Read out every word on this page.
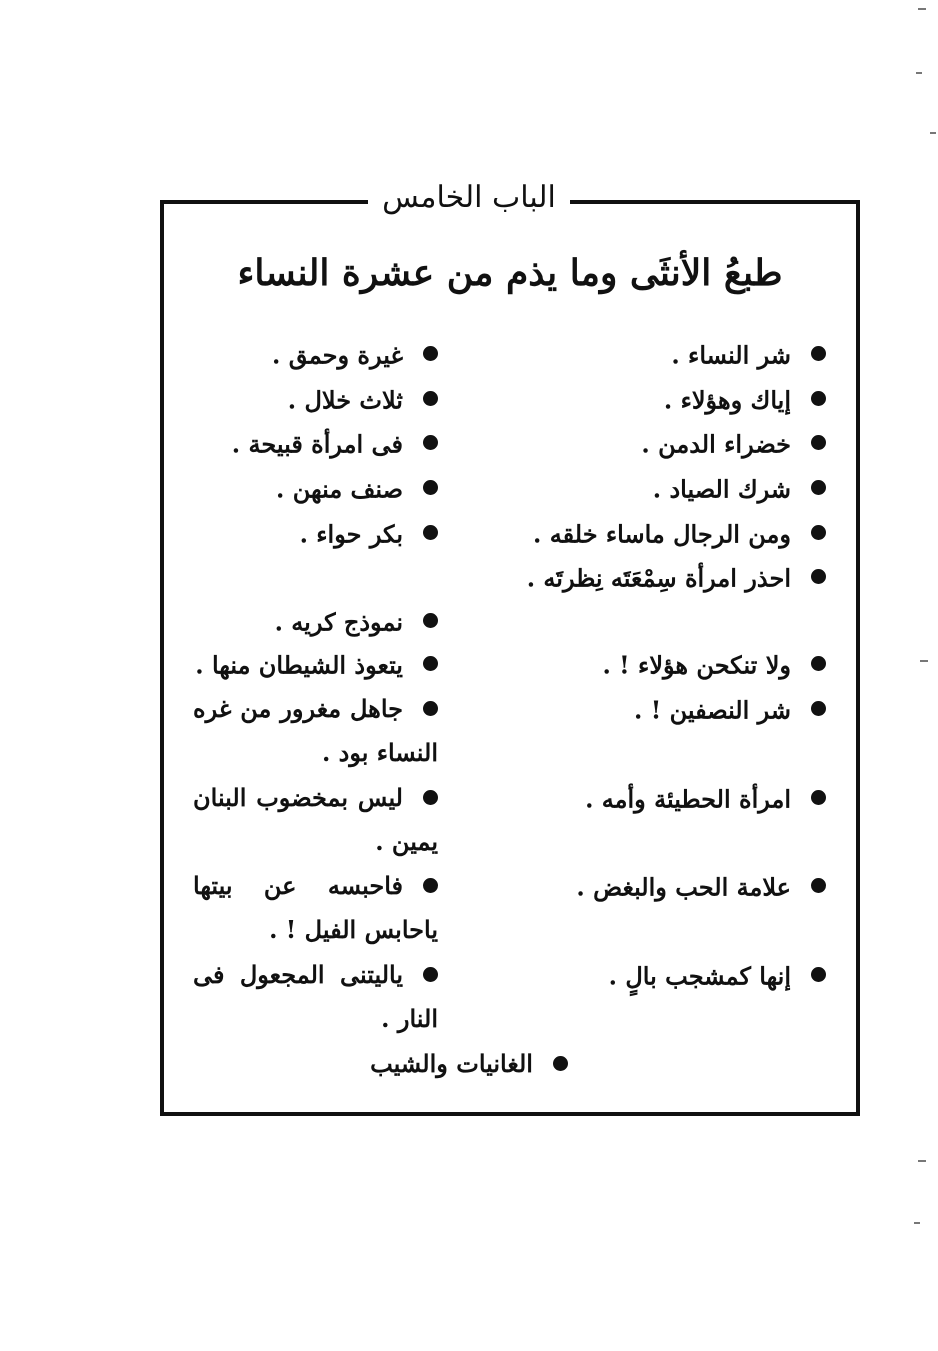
الباب الخامس
طبعُ الأنثَى وما يذم من عشرة النساء
شر النساء .
إياك وهؤلاء .
خضراء الدمن .
شرك الصياد .
ومن الرجال ماساء خلقه .
احذر امرأة سِمْعَتَه نِظرتَه .
ولا تنكحن هؤلاء ! .
شر النصفين ! .
امرأة الحطيئة وأمه .
علامة الحب والبغض .
إنها كمشجب بالٍ .
غيرة وحمق .
ثلاث خلال .
فى امرأة قبيحة .
صنف منهن .
بكر حواء .
نموذج كريه .
يتعوذ الشيطان منها .
جاهل مغرور من غره النساء بود .
ليس بمخضوب البنان يمين .
فاحبسه عن بيتها ياحابس الفيل ! .
ياليتنى المجعول فى النار .
الغانيات والشيب
